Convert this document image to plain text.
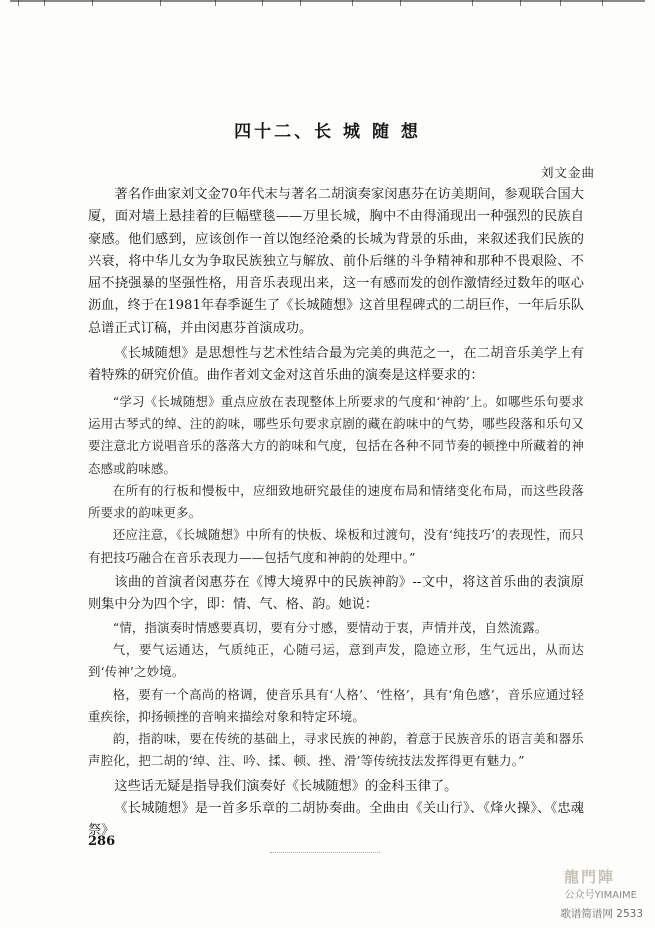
四十二、长 城 随 想
刘文金曲

著名作曲家刘文金70年代末与著名二胡演奏家闵惠芬在访美期间，参观联合国大厦，面对墙上悬挂着的巨幅壁毯——万里长城，胸中不由得涌现出一种强烈的民族自豪感。他们感到，应该创作一首以饱经沧桑的长城为背景的乐曲，来叙述我们民族的兴衰，将中华儿女为争取民族独立与解放、前仆后继的斗争精神和那种不畏艰险、不屈不挠强暴的坚强性格，用音乐表现出来，这一有感而发的创作激情经过数年的呕心沥血，终于在1981年春季诞生了《长城随想》这首里程碑式的二胡巨作，一年后乐队总谱正式订稿，并由闵惠芬首演成功。

《长城随想》是思想性与艺术性结合最为完美的典范之一，在二胡音乐美学上有着特殊的研究价值。曲作者刘文金对这首乐曲的演奏是这样要求的：

“学习《长城随想》重点应放在表现整体上所要求的气度和‘神韵’上。如哪些乐句要求运用古琴式的绰、注的韵味，哪些乐句要求京剧的藏在韵味中的气势，哪些段落和乐句又要注意北方说唱音乐的落落大方的韵味和气度，包括在各种不同节奏的顿挫中所藏着的神态感或韵味感。

在所有的行板和慢板中，应细致地研究最佳的速度布局和情绪变化布局，而这些段落所要求的韵味更多。

还应注意，《长城随想》中所有的快板、垛板和过渡句，没有‘纯技巧’的表现性，而只有把技巧融合在音乐表现力——包括气度和神韵的处理中。”

该曲的首演者闵惠芬在《博大境界中的民族神韵》--文中，将这首乐曲的表演原则集中分为四个字，即：情、气、格、韵。她说：

“情，指演奏时情感要真切，要有分寸感，要情动于衷，声情并茂，自然流露。

气，要气运通达，气质纯正，心随弓运，意到声发，隐迹立形，生气远出，从而达到‘传神’之妙境。

格，要有一个高尚的格调，使音乐具有‘人格’、‘性格’，具有‘角色感’，音乐应通过轻重疾徐，抑扬顿挫的音响来描绘对象和特定环境。

韵，指韵味，要在传统的基础上，寻求民族的神韵，着意于民族音乐的语言美和器乐声腔化，把二胡的‘绰、注、吟、揉、顿、挫、滑’等传统技法发挥得更有魅力。”

这些话无疑是指导我们演奏好《长城随想》的金科玉律了。

《长城随想》是一首多乐章的二胡协奏曲。全曲由《关山行》、《烽火操》、《忠魂祭》

286
龍門陣
公众号YIMAIME
歌谱简谱网 2533
